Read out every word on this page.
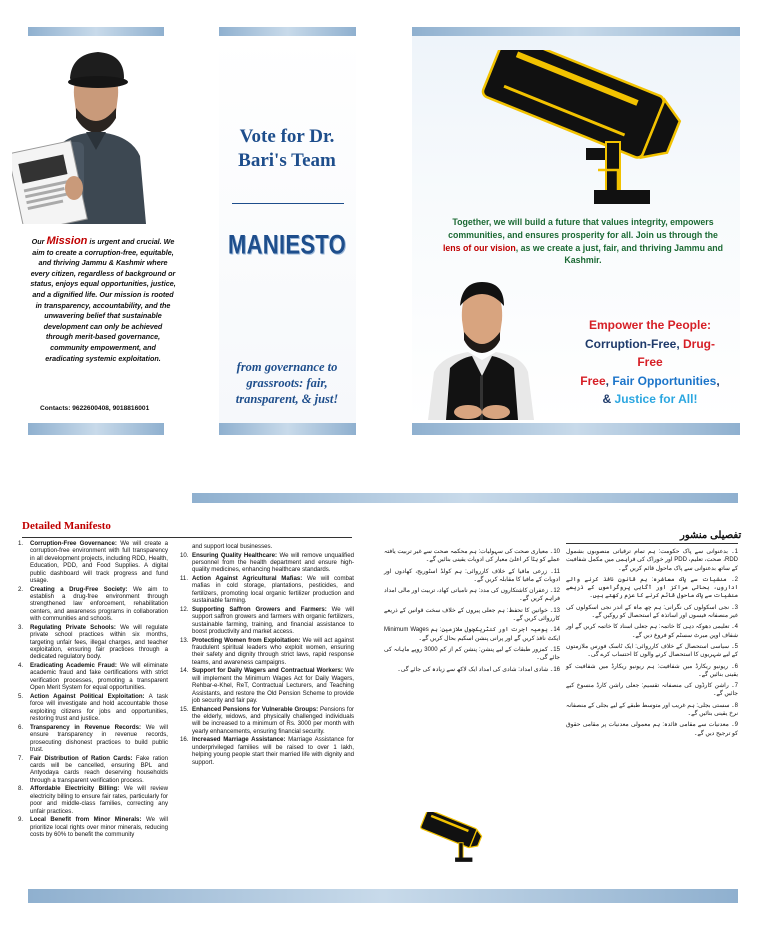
Our Mission is urgent and crucial. We aim to create a corruption-free, equitable, and thriving Jammu & Kashmir where every citizen, regardless of background or status, enjoys equal opportunities, justice, and a dignified life. Our mission is rooted in transparency, accountability, and the unwavering belief that sustainable development can only be achieved through merit-based governance, community empowerment, and eradicating systemic exploitation.
Contacts: 9622600408, 9018816001
Vote for Dr. Bari's Team
MANIESTO
from governance to grassroots: fair, transparent, & just!
Together, we will build a future that values integrity, empowers communities, and ensures prosperity for all. Join us through the lens of our vision, as we create a just, fair, and thriving Jammu and Kashmir.
Empower the People:
Corruption-Free, Drug-Free
Free, Fair Opportunities,
& Justice for All!
Detailed Manifesto
1.	Corruption-Free Governance: We will create a corruption-free environment with full transparency in all development projects, including RDD, Health, Education, PDD, and Food Supplies. A digital public dashboard will track progress and fund usage.
2.	Creating a Drug-Free Society: We aim to establish a drug-free environment through strengthened law enforcement, rehabilitation centers, and awareness programs in collaboration with communities and schools.
3.	Regulating Private Schools: We will regulate private school practices within six months, targeting unfair fees, illegal charges, and teacher exploitation, ensuring fair practices through a dedicated regulatory body.
4.	Eradicating Academic Fraud: We will eliminate academic fraud and fake certifications with strict verification processes, promoting a transparent Open Merit System for equal opportunities.
5.	Action Against Political Exploitation: A task force will investigate and hold accountable those exploiting citizens for jobs and opportunities, restoring trust and justice.
6.	Transparency in Revenue Records: We will ensure transparency in revenue records, prosecuting dishonest practices to build public trust.
7.	Fair Distribution of Ration Cards: Fake ration cards will be cancelled, ensuring BPL and Antyodaya cards reach deserving households through a transparent verification process.
8.	Affordable Electricity Billing: We will review electricity billing to ensure fair rates, particularly for poor and middle-class families, correcting any unfair practices.
9.	Local Benefit from Minor Minerals: We will prioritize local rights over minor minerals, reducing costs by 60% to benefit the community
and support local businesses.
10. Ensuring Quality Healthcare: We will remove unqualified personnel from the health department and ensure high-quality medicines, enhancing healthcare standards.
11. Action Against Agricultural Mafias: We will combat mafias in cold storage, plantations, pesticides, and fertilizers, promoting local organic fertilizer production and sustainable farming.
12. Supporting Saffron Growers and Farmers: We will support saffron growers and farmers with organic fertilizers, sustainable farming, training, and financial assistance to boost productivity and market access.
13. Protecting Women from Exploitation: We will act against fraudulent spiritual leaders who exploit women, ensuring their safety and dignity through strict laws, rapid response teams, and awareness campaigns.
14. Support for Daily Wagers and Contractual Workers: We will implement the Minimum Wages Act for Daily Wagers, Rehbar-e-Khel, ReT, Contractual Lecturers, and Teaching Assistants, and restore the Old Pension Scheme to provide job security and fair pay.
15. Enhanced Pensions for Vulnerable Groups: Pensions for the elderly, widows, and physically challenged individuals will be increased to a minimum of Rs. 3000 per month with yearly enhancements, ensuring financial security.
16. Increased Marriage Assistance: Marriage Assistance for underprivileged families will be raised to over 1 lakh, helping young people start their married life with dignity and support.
تفصیلی منشور

1۔ بدعنوانی سے پاک حکومت: ہم تمام ترقیاتی منصوبوں بشمول RDD، صحت، تعلیم، PDD اور خوراک کی فراہمی میں مکمل شفافیت کے ساتھ بدعنوانی سے پاک ماحول قائم کریں گے۔

2۔ منشیات سے پاک معاشرہ: ہم قانون نافذ کرنے والے اداروں، بحالی مراکز اور آگاہی پروگراموں کے ذریعے منشیات سے پاک ماحول قائم کرنے کا عزم رکھتے ہیں۔

3۔ نجی اسکولوں کی نگرانی: ہم چھ ماہ کے اندر نجی اسکولوں کی غیر منصفانہ فیسوں اور اساتذہ کے استحصال کو روکیں گے۔

4۔ تعلیمی دھوکہ دہی کا خاتمہ: ہم جعلی اسناد کا خاتمہ کریں گے اور شفاف اوپن میرٹ سسٹم کو فروغ دیں گے۔

5۔ سیاسی استحصال کے خلاف کارروائی: ایک ٹاسک فورس ملازمتوں کے لیے شہریوں کا استحصال کرنے والوں کا احتساب کرے گی۔

6۔ ریونیو ریکارڈ میں شفافیت: ہم ریونیو ریکارڈ میں شفافیت کو یقینی بنائیں گے۔

7۔ راشن کارڈوں کی منصفانہ تقسیم: جعلی راشن کارڈ منسوخ کیے جائیں گے۔

8۔ سستی بجلی: ہم غریب اور متوسط طبقے کے لیے بجلی کے منصفانہ نرخ یقینی بنائیں گے۔

9۔ معدنیات سے مقامی فائدہ: ہم معمولی معدنیات پر مقامی حقوق کو ترجیح دیں گے۔

10۔ معیاری صحت کی سہولیات: ہم محکمہ صحت سے غیر تربیت یافتہ عملے کو ہٹا کر اعلیٰ معیار کی ادویات یقینی بنائیں گے۔

11۔ زرعی مافیا کے خلاف کارروائی: ہم کولڈ اسٹوریج، کھادوں اور ادویات کے مافیا کا مقابلہ کریں گے۔

12۔ زعفران کاشتکاروں کی مدد: ہم نامیاتی کھاد، تربیت اور مالی امداد فراہم کریں گے۔

13۔ خواتین کا تحفظ: ہم جعلی پیروں کے خلاف سخت قوانین کے ذریعے کارروائی کریں گے۔

14۔ یومیہ اجرت اور کنٹریکچول ملازمین: ہم Minimum Wages ایکٹ نافذ کریں گے اور پرانی پنشن اسکیم بحال کریں گے۔

15۔ کمزور طبقات کے لیے پنشن: پنشن کم از کم 3000 روپے ماہانہ کی جائے گی۔

16۔ شادی امداد: شادی کی امداد ایک لاکھ سے زیادہ کی جائے گی۔
